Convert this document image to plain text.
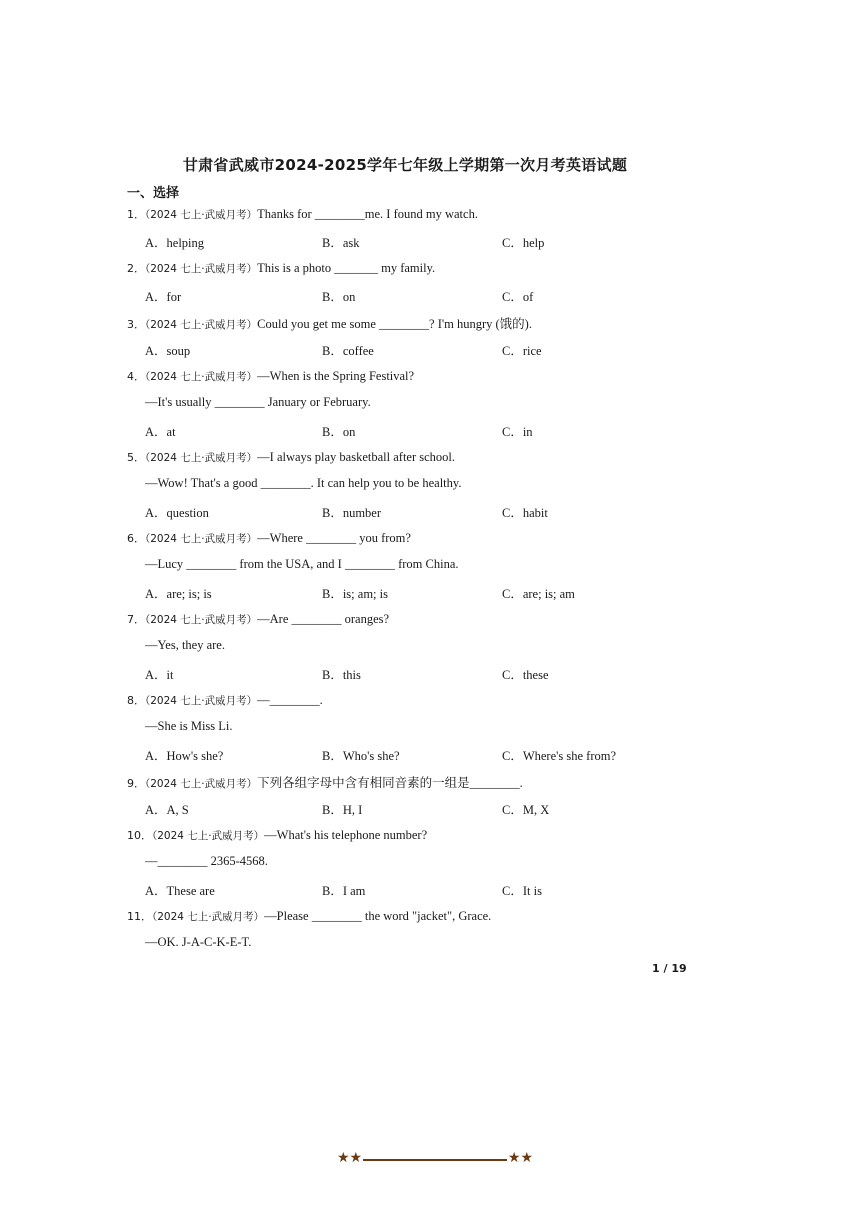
甘肃省武威市2024-2025学年七年级上学期第一次月考英语试题
一、选择
1．（2024 七上·武威月考）Thanks for ________me. I found my watch.
A．helping	B．ask	C．help
2．（2024 七上·武威月考）This is a photo _______ my family.
A．for	B．on	C．of
3．（2024 七上·武威月考）Could you get me some ________? I'm hungry (饿的).
A．soup	B．coffee	C．rice
4．（2024 七上·武威月考）—When is the Spring Festival?
—It's usually ________ January or February.
A．at	B．on	C．in
5．（2024 七上·武威月考）—I always play basketball after school.
—Wow! That's a good ________. It can help you to be healthy.
A．question	B．number	C．habit
6．（2024 七上·武威月考）—Where ________ you from?
—Lucy ________ from the USA, and I ________ from China.
A．are; is; is	B．is; am; is	C．are; is; am
7．（2024 七上·武威月考）—Are ________ oranges?
—Yes, they are.
A．it	B．this	C．these
8．（2024 七上·武威月考）—________.
—She is Miss Li.
A．How's she?	B．Who's she?	C．Where's she from?
9．（2024 七上·武威月考）下列各组字母中含有相同音素的一组是________.
A．A, S	B．H, I	C．M, X
10．（2024 七上·武威月考）—What's his telephone number?
—________ 2365-4568.
A．These are	B．I am	C．It is
11．（2024 七上·武威月考）—Please ________ the word "jacket", Grace.
—OK. J-A-C-K-E-T.
1 / 19
★★	★★
